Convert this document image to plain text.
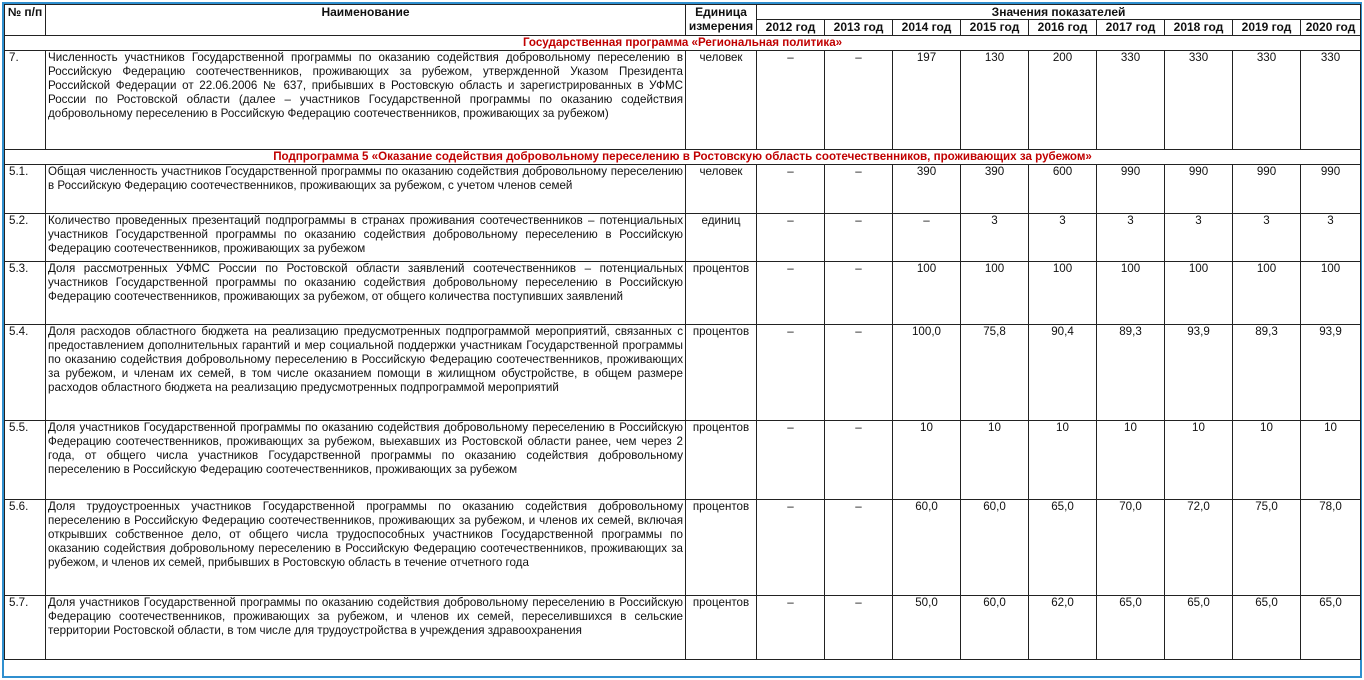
№ п/п	Наименование	Единица измерения	Значения показателей								
			2012 год	2013 год	2014 год	2015 год	2016 год	2017 год	2018 год	2019 год	2020 год
Государственная программа «Региональная политика»											
7.	Численность участников Государственной программы по оказанию содействия добровольному переселению в Российскую Федерацию соотечественников, проживающих за рубежом, утвержденной Указом Президента Российской Федерации от 22.06.2006 № 637, прибывших в Ростовскую область и зарегистрированных в УФМС России по Ростовской области (далее – участников Государственной программы по оказанию содействия добровольному переселению в Российскую Федерацию соотечественников, проживающих за рубежом)	человек	–	–	197	130	200	330	330	330	330
Подпрограмма 5 «Оказание содействия добровольному переселению в Ростовскую область соотечественников, проживающих за рубежом»											
5.1.	Общая численность участников Государственной программы по оказанию содействия добровольному переселению в Российскую Федерацию соотечественников, проживающих за рубежом, с учетом членов семей	человек	–	–	390	390	600	990	990	990	990
5.2.	Количество проведенных презентаций подпрограммы в странах проживания соотечественников – потенциальных участников Государственной программы по оказанию содействия добровольному переселению в Российскую Федерацию соотечественников, проживающих за рубежом	единиц	–	–	–	3	3	3	3	3	3
5.3.	Доля рассмотренных УФМС России по Ростовской области заявлений соотечественников – потенциальных участников Государственной программы по оказанию содействия добровольному переселению в Российскую Федерацию соотечественников, проживающих за рубежом, от общего количества поступивших заявлений	процентов	–	–	100	100	100	100	100	100	100
5.4.	Доля расходов областного бюджета на реализацию предусмотренных подпрограммой мероприятий, связанных с предоставлением дополнительных гарантий и мер социальной поддержки участникам Государственной программы по оказанию содействия добровольному переселению в Российскую Федерацию соотечественников, проживающих за рубежом, и членам их семей, в том числе оказанием помощи в жилищном обустройстве, в общем размере расходов областного бюджета на реализацию предусмотренных подпрограммой мероприятий	процентов	–	–	100,0	75,8	90,4	89,3	93,9	89,3	93,9
5.5.	Доля участников Государственной программы по оказанию содействия добровольному переселению в Российскую Федерацию соотечественников, проживающих за рубежом, выехавших из Ростовской области ранее, чем через 2 года, от общего числа участников Государственной программы по оказанию содействия добровольному переселению в Российскую Федерацию соотечественников, проживающих за рубежом	процентов	–	–	10	10	10	10	10	10	10
5.6.	Доля трудоустроенных участников Государственной программы по оказанию содействия добровольному переселению в Российскую Федерацию соотечественников, проживающих за рубежом, и членов их семей, включая открывших собственное дело, от общего числа трудоспособных участников Государственной программы по оказанию содействия добровольному переселению в Российскую Федерацию соотечественников, проживающих за рубежом, и членов их семей, прибывших в Ростовскую область в течение отчетного года	процентов	–	–	60,0	60,0	65,0	70,0	72,0	75,0	78,0
5.7.	Доля участников Государственной программы по оказанию содействия добровольному переселению в Российскую Федерацию соотечественников, проживающих за рубежом, и членов их семей, переселившихся в сельские территории Ростовской области, в том числе для трудоустройства в учреждения здравоохранения	процентов	–	–	50,0	60,0	62,0	65,0	65,0	65,0	65,0
